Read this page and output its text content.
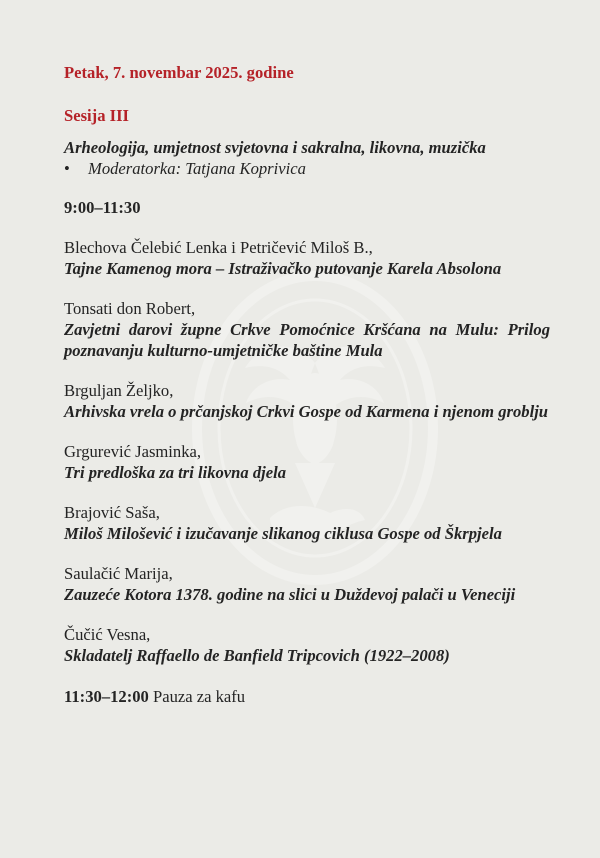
Petak, 7. novembar 2025. godine

Sesija III

Arheologija, umjetnost svjetovna i sakralna, likovna, muzička

• Moderatorka: Tatjana Koprivica

9:00–11:30

Blechova Čelebić Lenka i Petričević Miloš B.,

Tajne Kamenog mora – Istraživačko putovanje Karela Absolona

Tonsati don Robert,

Zavjetni darovi župne Crkve Pomoćnice Kršćana na Mulu: Prilog poznavanju kulturno-umjetničke baštine Mula

Brguljan Željko,

Arhivska vrela o prčanjskoj Crkvi Gospe od Karmena i njenom groblju

Grgurević Jasminka,

Tri predloška za tri likovna djela

Brajović Saša,

Miloš Milošević i izučavanje slikanog ciklusa Gospe od Škrpjela

Saulačić Marija,

Zauzeće Kotora 1378. godine na slici u Duždevoj palači u Veneciji

Čučić Vesna,

Skladatelj Raffaello de Banfield Tripcovich (1922–2008)

11:30–12:00 Pauza za kafu
